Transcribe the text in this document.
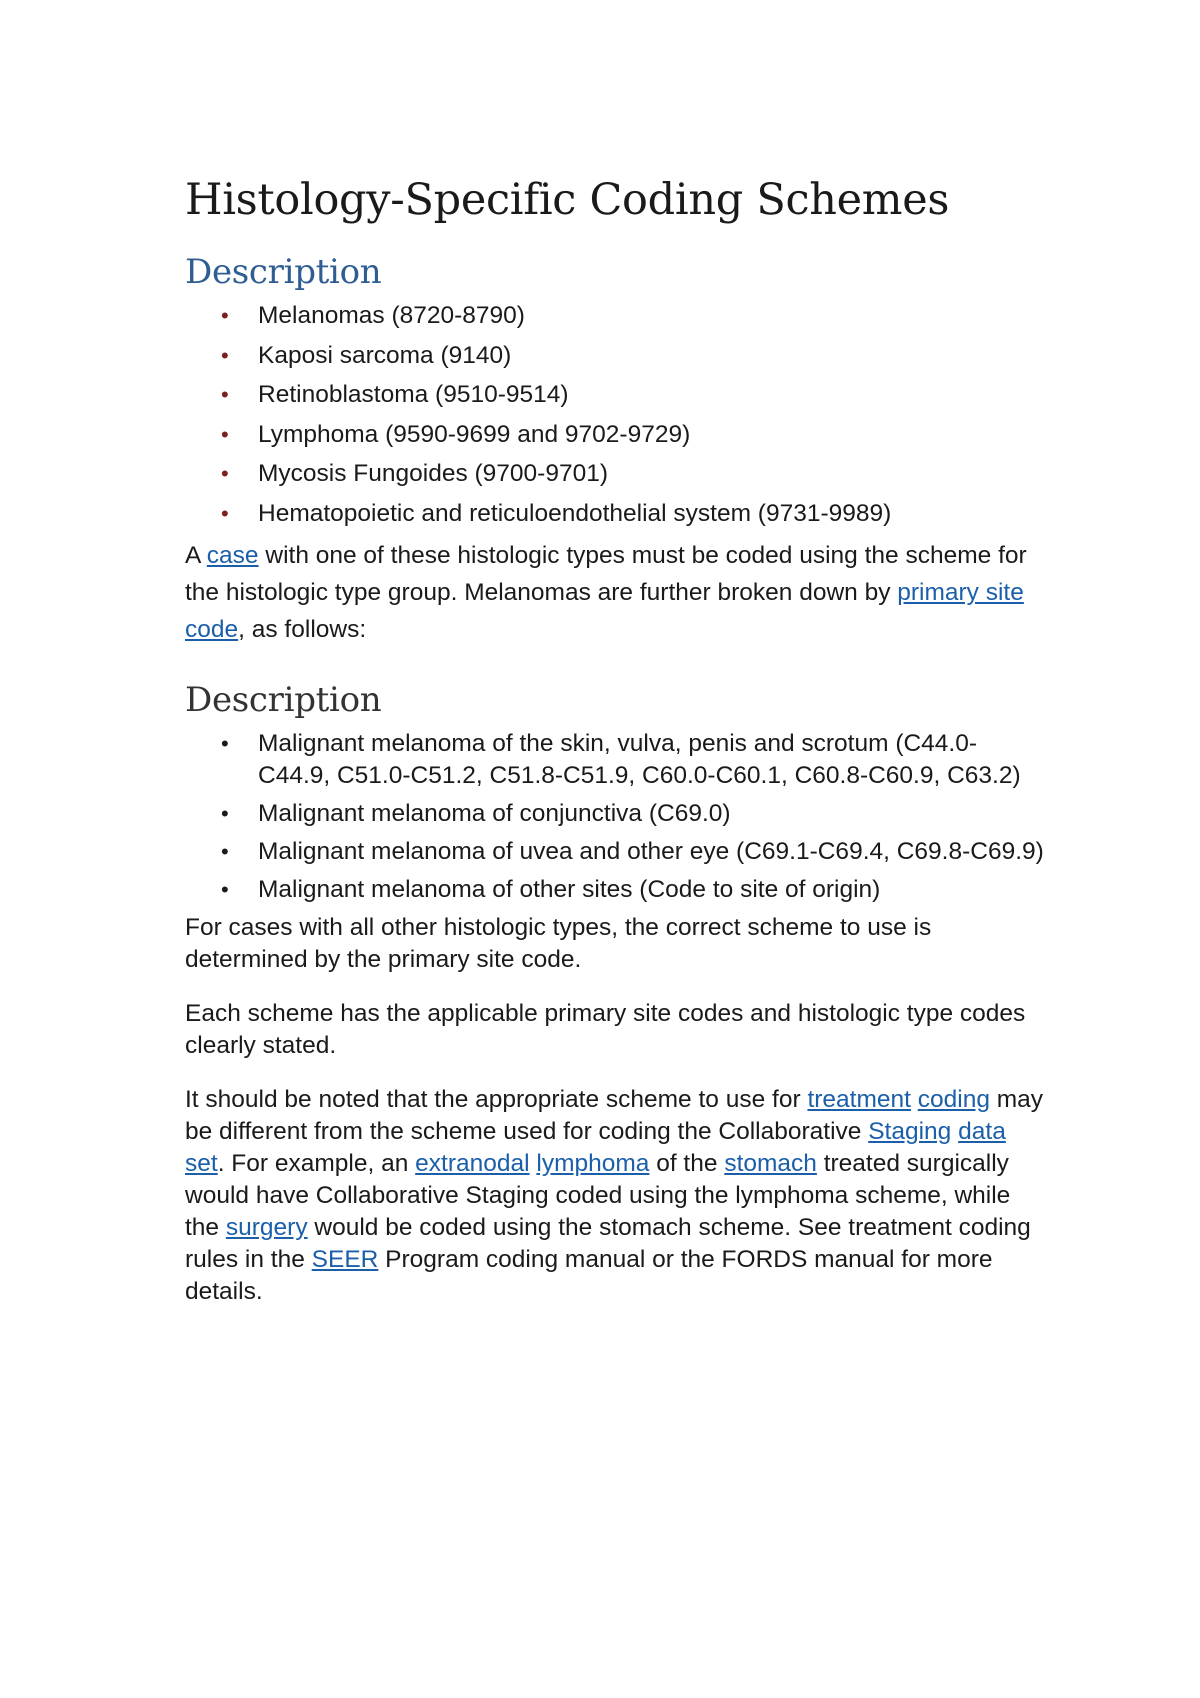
Histology-Specific Coding Schemes
Description
• Melanomas (8720-8790)
• Kaposi sarcoma (9140)
• Retinoblastoma (9510-9514)
• Lymphoma (9590-9699 and 9702-9729)
• Mycosis Fungoides (9700-9701)
• Hematopoietic and reticuloendothelial system (9731-9989)

A case with one of these histologic types must be coded using the scheme for the histologic type group. Melanomas are further broken down by primary site code, as follows:

Description
• Malignant melanoma of the skin, vulva, penis and scrotum (C44.0-C44.9, C51.0-C51.2, C51.8-C51.9, C60.0-C60.1, C60.8-C60.9, C63.2)
• Malignant melanoma of conjunctiva (C69.0)
• Malignant melanoma of uvea and other eye (C69.1-C69.4, C69.8-C69.9)
• Malignant melanoma of other sites (Code to site of origin)

For cases with all other histologic types, the correct scheme to use is determined by the primary site code.

Each scheme has the applicable primary site codes and histologic type codes clearly stated.

It should be noted that the appropriate scheme to use for treatment coding may be different from the scheme used for coding the Collaborative Staging data set. For example, an extranodal lymphoma of the stomach treated surgically would have Collaborative Staging coded using the lymphoma scheme, while the surgery would be coded using the stomach scheme. See treatment coding rules in the SEER Program coding manual or the FORDS manual for more details.
